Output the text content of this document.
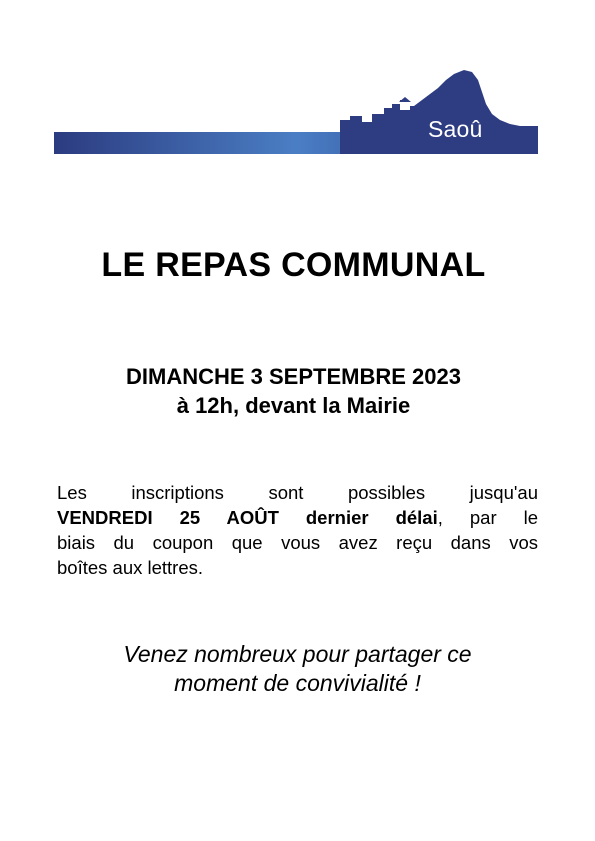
Saoû
LE REPAS COMMUNAL
DIMANCHE 3 SEPTEMBRE 2023
à 12h, devant la Mairie
Les inscriptions sont possibles jusqu'au
VENDREDI 25 AOÛT dernier délai, par le
biais du coupon que vous avez reçu dans vos
boîtes aux lettres.
Venez nombreux pour partager ce
moment de convivialité !
